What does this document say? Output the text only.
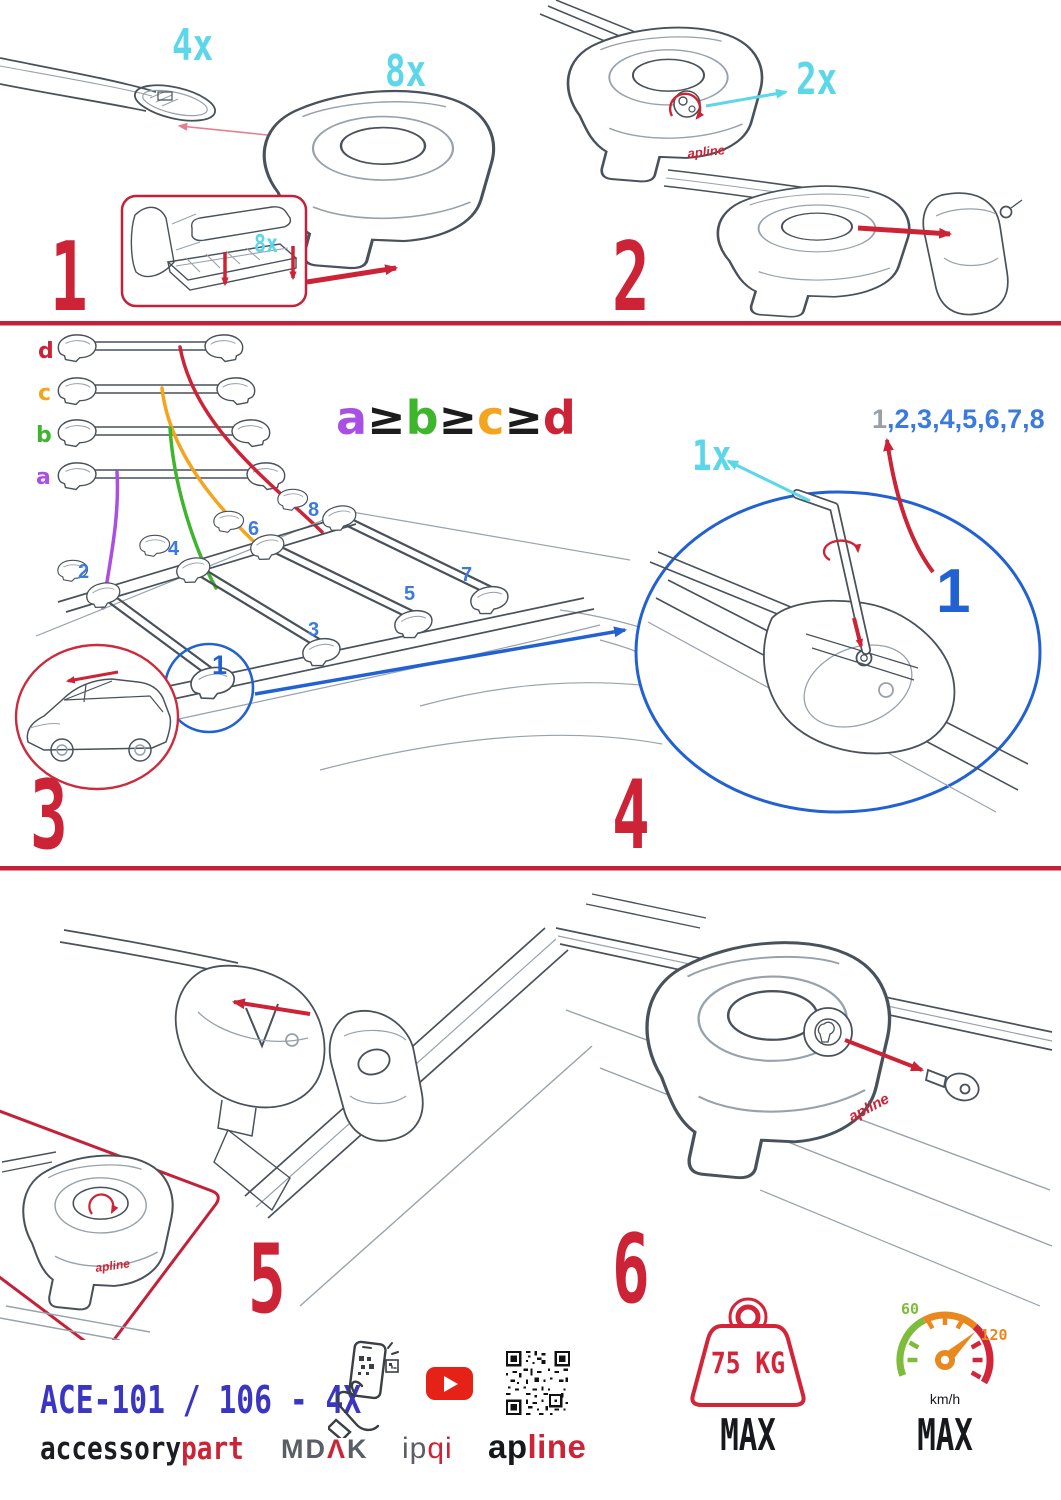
4x
8x
8x
1
apline
2x
2
d
c
b
a
a≥b≥c≥d
2
4
6
8
3
5
7
1
3
1x
1,2,3,4,5,6,7,8
1
4
apline 5
apline
6
ACE-101 / 106 - 4X
accessorypart MDΛK ipqi apline
75 KG
MAX
60
120
km/h
MAX
